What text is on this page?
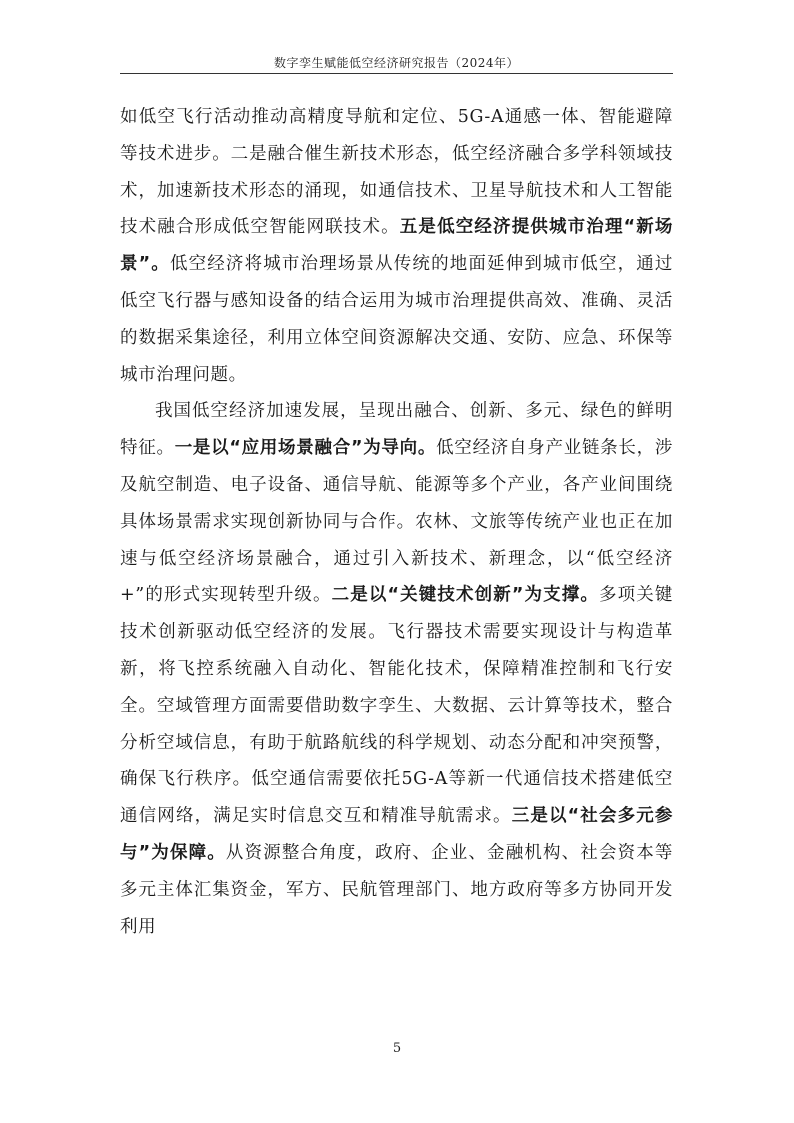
数字孪生赋能低空经济研究报告（2024年）

如低空飞行活动推动高精度导航和定位、5G-A通感一体、智能避障等技术进步。二是融合催生新技术形态，低空经济融合多学科领域技术，加速新技术形态的涌现，如通信技术、卫星导航技术和人工智能技术融合形成低空智能网联技术。五是低空经济提供城市治理“新场景”。低空经济将城市治理场景从传统的地面延伸到城市低空，通过低空飞行器与感知设备的结合运用为城市治理提供高效、准确、灵活的数据采集途径，利用立体空间资源解决交通、安防、应急、环保等城市治理问题。

我国低空经济加速发展，呈现出融合、创新、多元、绿色的鲜明特征。一是以“应用场景融合”为导向。低空经济自身产业链条长，涉及航空制造、电子设备、通信导航、能源等多个产业，各产业间围绕具体场景需求实现创新协同与合作。农林、文旅等传统产业也正在加速与低空经济场景融合，通过引入新技术、新理念，以“低空经济+”的形式实现转型升级。二是以“关键技术创新”为支撑。多项关键技术创新驱动低空经济的发展。飞行器技术需要实现设计与构造革新，将飞控系统融入自动化、智能化技术，保障精准控制和飞行安全。空域管理方面需要借助数字孪生、大数据、云计算等技术，整合分析空域信息，有助于航路航线的科学规划、动态分配和冲突预警，确保飞行秩序。低空通信需要依托5G-A等新一代通信技术搭建低空通信网络，满足实时信息交互和精准导航需求。三是以“社会多元参与”为保障。从资源整合角度，政府、企业、金融机构、社会资本等多元主体汇集资金，军方、民航管理部门、地方政府等多方协同开发利用

5
